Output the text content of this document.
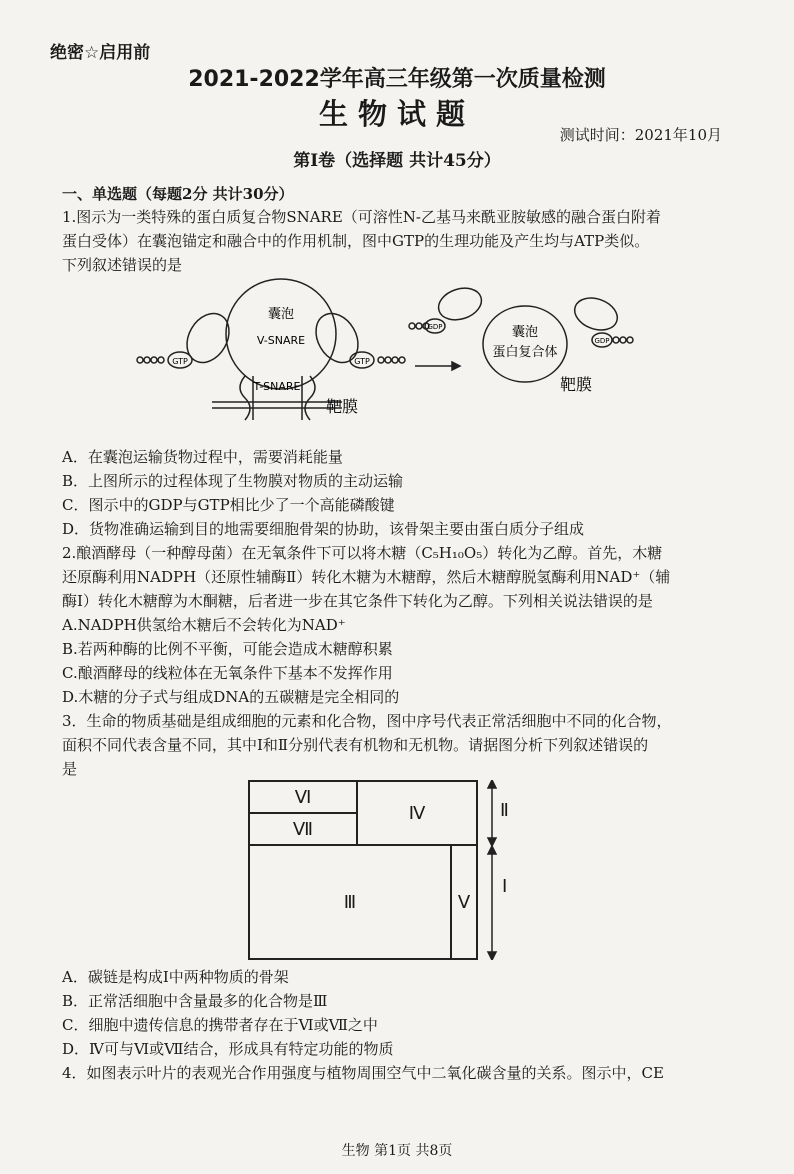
绝密☆启用前
2021-2022学年高三年级第一次质量检测
生物试题
测试时间：2021年10月
第Ⅰ卷（选择题 共计45分）
一、单选题（每题2分 共计30分）
1.图示为一类特殊的蛋白质复合物SNARE（可溶性N-乙基马来酰亚胺敏感的融合蛋白附着
蛋白受体）在囊泡锚定和融合中的作用机制，图中GTP的生理功能及产生均与ATP类似。
下列叙述错误的是
囊泡
V-SNARE
GTP	GTP
T-SNARE
靶膜
GDP
GDP
囊泡
蛋白复合体
靶膜
A．在囊泡运输货物过程中，需要消耗能量
B．上图所示的过程体现了生物膜对物质的主动运输
C．图示中的GDP与GTP相比少了一个高能磷酸键
D．货物准确运输到目的地需要细胞骨架的协助，该骨架主要由蛋白质分子组成
2.酿酒酵母（一种醇母菌）在无氧条件下可以将木糖（C₅H₁₀O₅）转化为乙醇。首先，木糖
还原酶利用NADPH（还原性辅酶Ⅱ）转化木糖为木糖醇，然后木糖醇脱氢酶利用NAD⁺（辅
酶Ⅰ）转化木糖醇为木酮糖，后者进一步在其它条件下转化为乙醇。下列相关说法错误的是
A.NADPH供氢给木糖后不会转化为NAD⁺
B.若两种酶的比例不平衡，可能会造成木糖醇积累
C.酿酒酵母的线粒体在无氧条件下基本不发挥作用
D.木糖的分子式与组成DNA的五碳糖是完全相同的
3．生命的物质基础是组成细胞的元素和化合物，图中序号代表正常活细胞中不同的化合物，
面积不同代表含量不同，其中Ⅰ和Ⅱ分别代表有机物和无机物。请据图分析下列叙述错误的
是
Ⅵ
Ⅶ
Ⅳ
Ⅲ	Ⅴ
Ⅱ
Ⅰ
A．碳链是构成Ⅰ中两种物质的骨架
B．正常活细胞中含量最多的化合物是Ⅲ
C．细胞中遗传信息的携带者存在于Ⅵ或Ⅶ之中
D．Ⅳ可与Ⅵ或Ⅶ结合，形成具有特定功能的物质
4．如图表示叶片的表观光合作用强度与植物周围空气中二氧化碳含量的关系。图示中，CE
生物 第1页 共8页
